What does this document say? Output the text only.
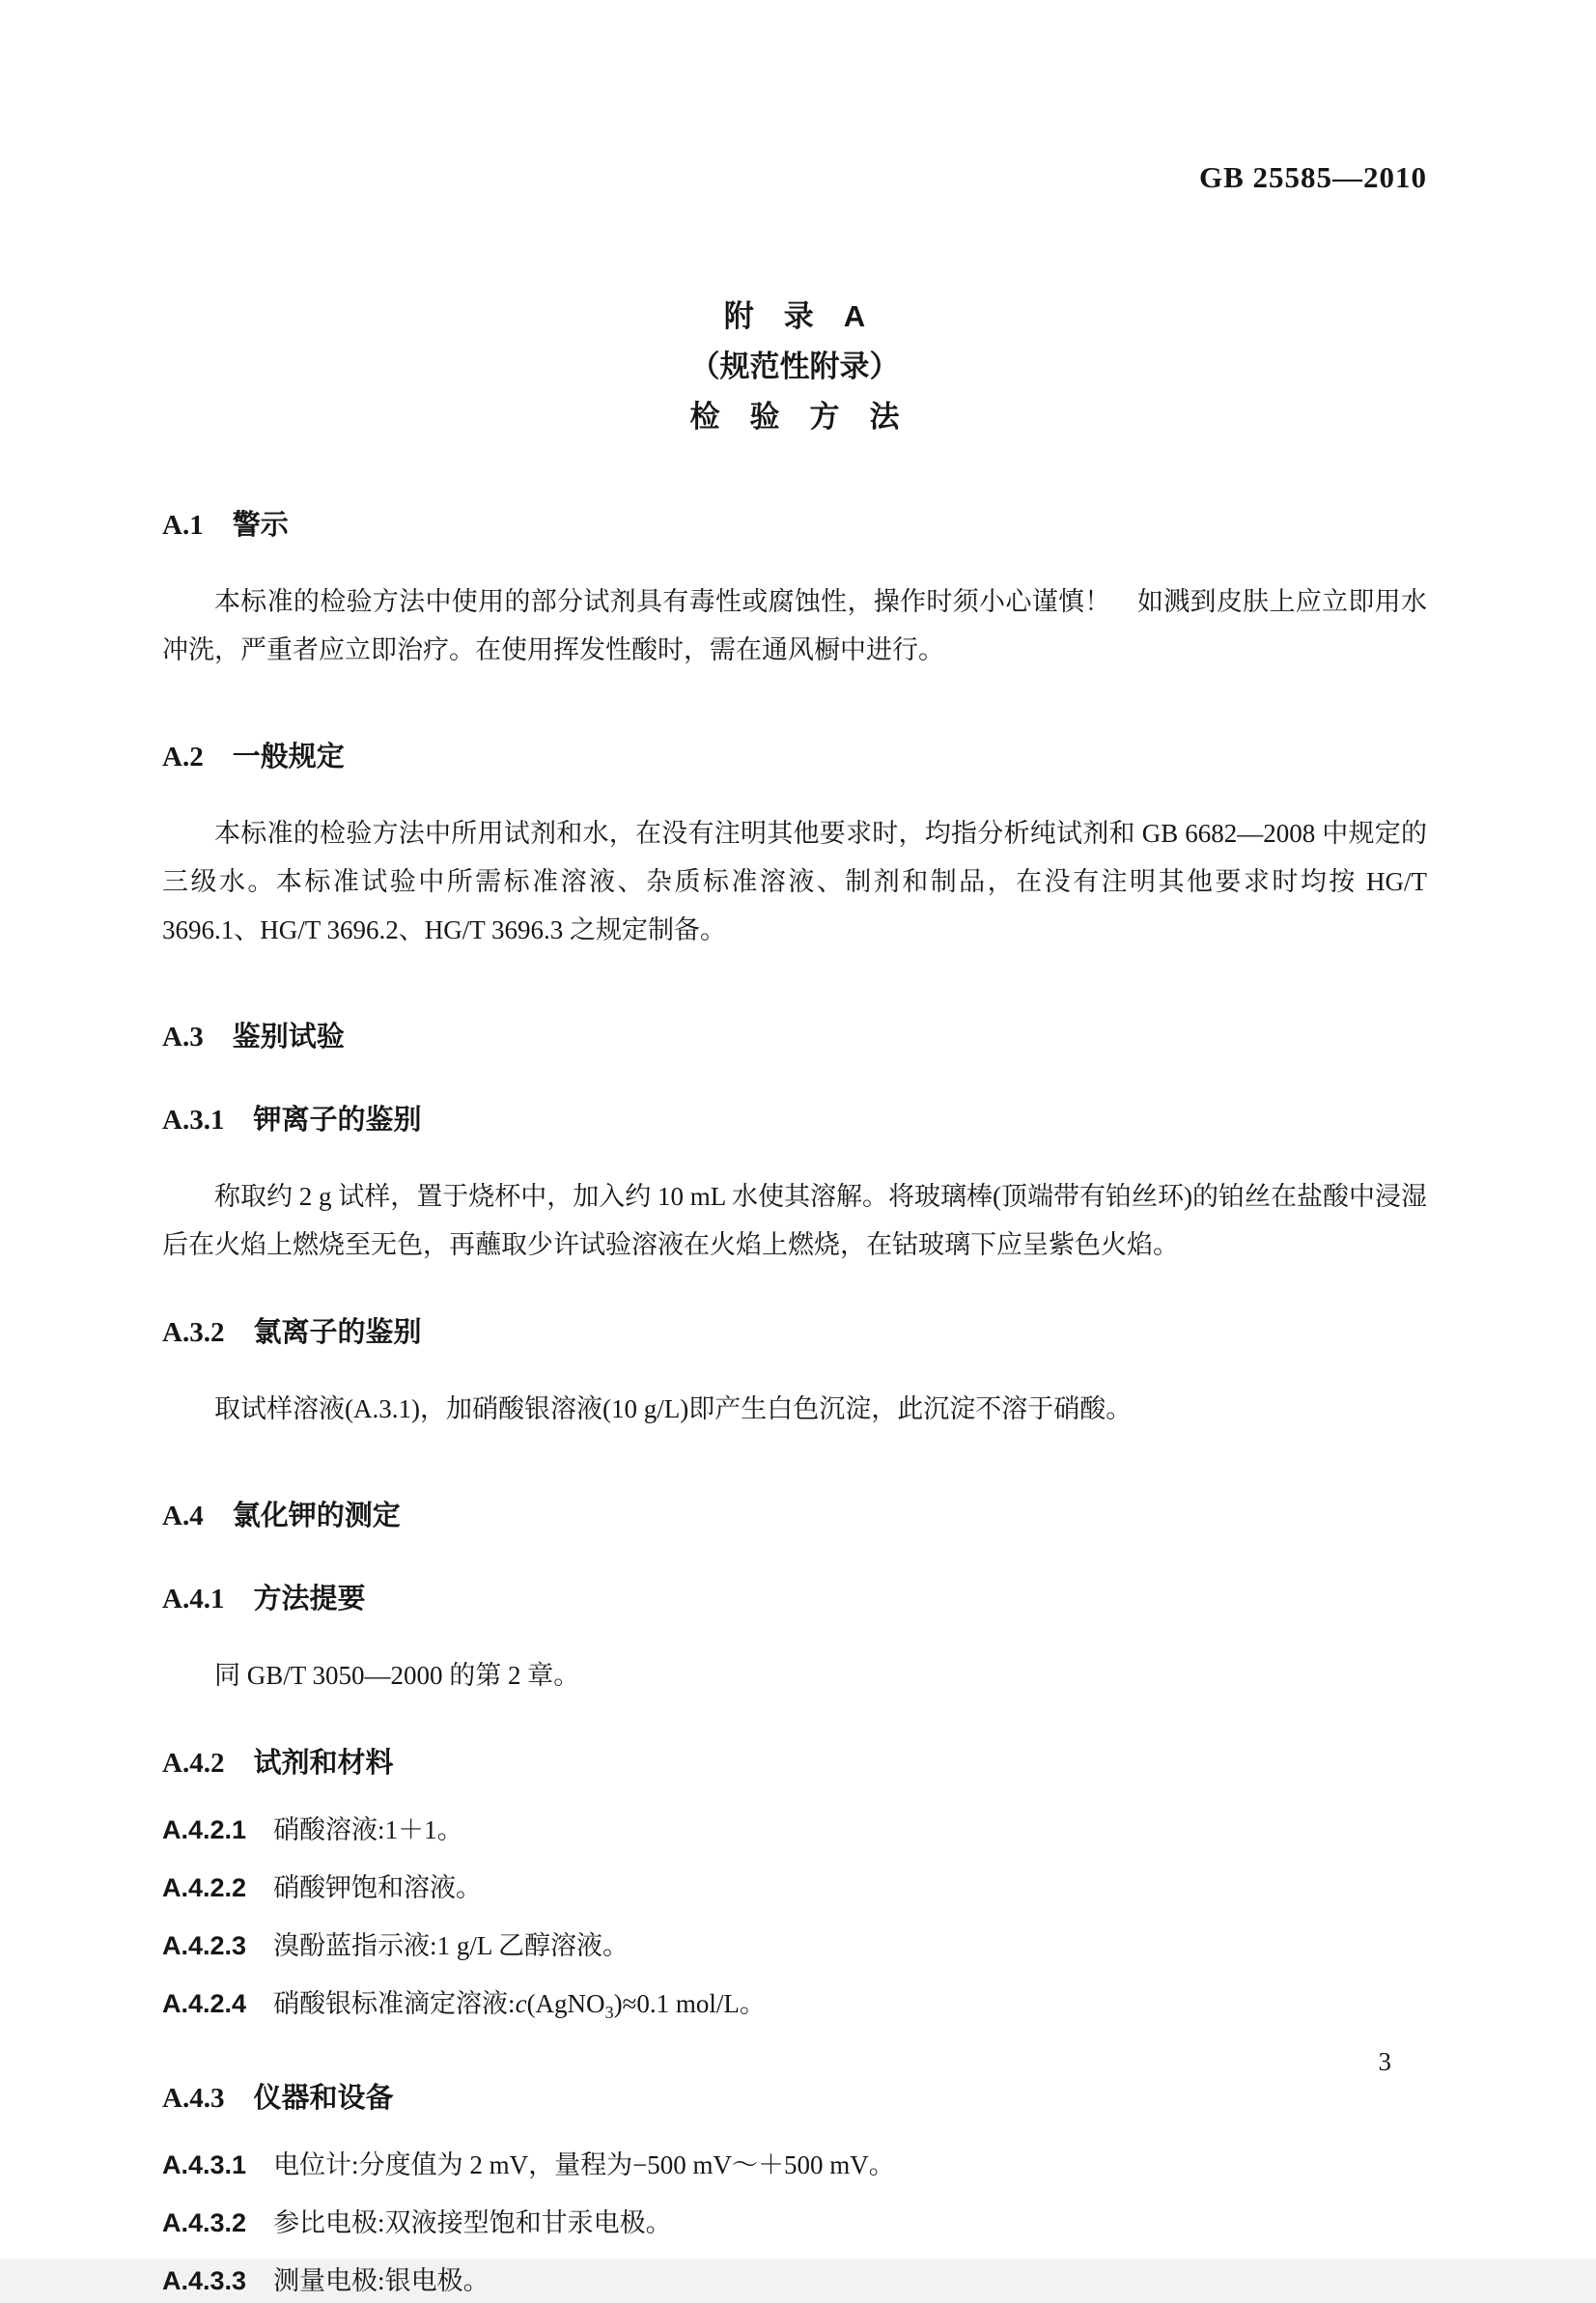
GB 25585—2010
附　录　A
（规范性附录）
检　验　方　法
A.1 警示
本标准的检验方法中使用的部分试剂具有毒性或腐蚀性，操作时须小心谨慎！　如溅到皮肤上应立即用水冲洗，严重者应立即治疗。在使用挥发性酸时，需在通风橱中进行。
A.2 一般规定
本标准的检验方法中所用试剂和水，在没有注明其他要求时，均指分析纯试剂和 GB 6682—2008 中规定的三级水。本标准试验中所需标准溶液、杂质标准溶液、制剂和制品，在没有注明其他要求时均按 HG/T 3696.1、HG/T 3696.2、HG/T 3696.3 之规定制备。
A.3 鉴别试验
A.3.1 钾离子的鉴别
称取约 2 g 试样，置于烧杯中，加入约 10 mL 水使其溶解。将玻璃棒(顶端带有铂丝环)的铂丝在盐酸中浸湿后在火焰上燃烧至无色，再蘸取少许试验溶液在火焰上燃烧，在钴玻璃下应呈紫色火焰。
A.3.2 氯离子的鉴别
取试样溶液(A.3.1)，加硝酸银溶液(10 g/L)即产生白色沉淀，此沉淀不溶于硝酸。
A.4 氯化钾的测定
A.4.1 方法提要
同 GB/T 3050—2000 的第 2 章。
A.4.2 试剂和材料
A.4.2.1 硝酸溶液:1＋1。
A.4.2.2 硝酸钾饱和溶液。
A.4.2.3 溴酚蓝指示液:1 g/L 乙醇溶液。
A.4.2.4 硝酸银标准滴定溶液:c(AgNO$_3$)≈0.1 mol/L。
A.4.3 仪器和设备
A.4.3.1 电位计:分度值为 2 mV，量程为−500 mV～＋500 mV。
A.4.3.2 参比电极:双液接型饱和甘汞电极。
A.4.3.3 测量电极:银电极。
3
